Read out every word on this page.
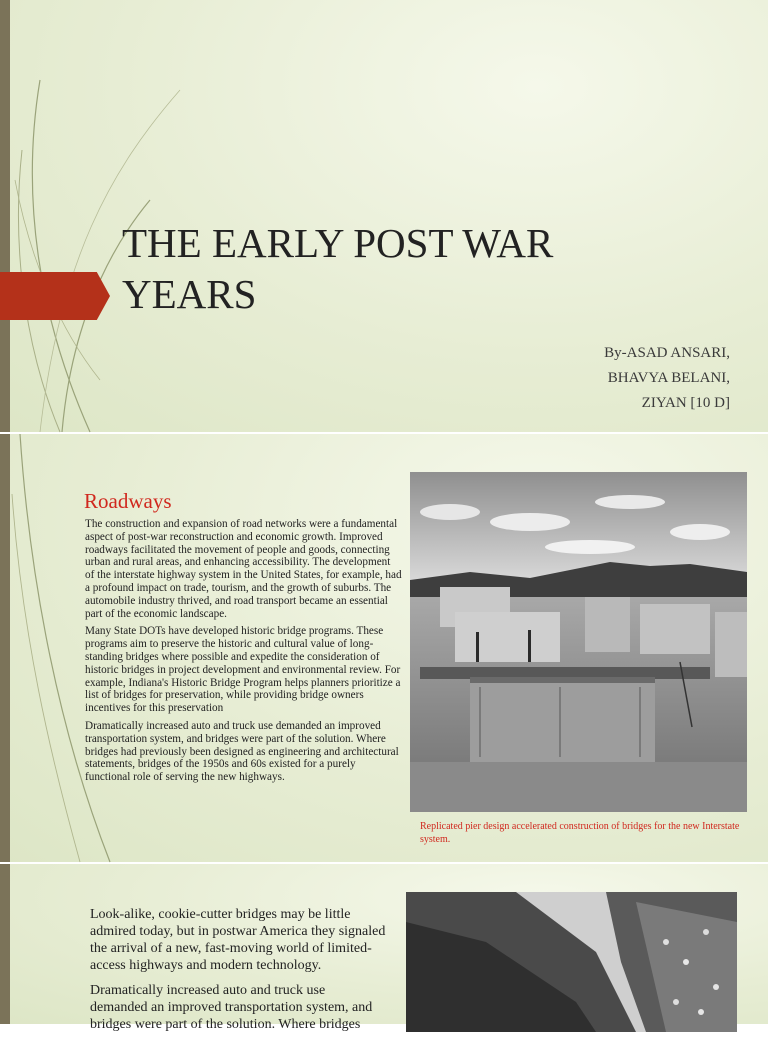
THE EARLY POST WAR YEARS
By-ASAD ANSARI,
BHAVYA BELANI,
ZIYAN [10 D]
Roadways
The construction and expansion of road networks were a fundamental aspect of post-war reconstruction and economic growth. Improved roadways facilitated the movement of people and goods, connecting urban and rural areas, and enhancing accessibility. The development of the interstate highway system in the United States, for example, had a profound impact on trade, tourism, and the growth of suburbs. The automobile industry thrived, and road transport became an essential part of the economic landscape.
Many State DOTs have developed historic bridge programs. These programs aim to preserve the historic and cultural value of long-standing bridges where possible and expedite the consideration of historic bridges in project development and environmental review. For example, Indiana's Historic Bridge Program helps planners prioritize a list of bridges for preservation, while providing bridge owners incentives for this preservation
Dramatically increased auto and truck use demanded an improved transportation system, and bridges were part of the solution. Where bridges had previously been designed as engineering and architectural statements, bridges of the 1950s and 60s existed for a purely functional role of serving the new highways.
Replicated pier design accelerated construction of bridges for the new Interstate system.
Look-alike, cookie-cutter bridges may be little admired today, but in postwar America they signaled the arrival of a new, fast-moving world of limited-access highways and modern technology.
Dramatically increased auto and truck use demanded an improved transportation system, and bridges were part of the solution. Where bridges
